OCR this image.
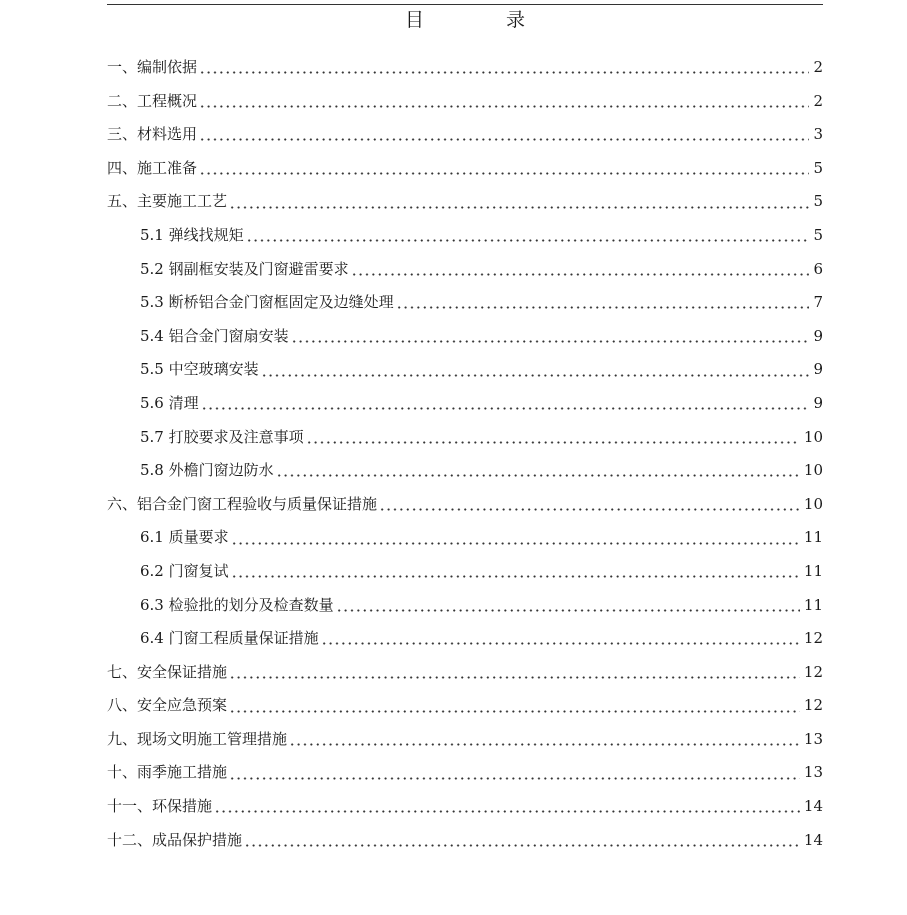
目 录
一、编制依据	2
二、工程概况	2
三、材料选用	3
四、施工准备	5
五、主要施工工艺	5
5.1 弹线找规矩	5
5.2 钢副框安装及门窗避雷要求	6
5.3 断桥铝合金门窗框固定及边缝处理	7
5.4 铝合金门窗扇安装	9
5.5 中空玻璃安装	9
5.6 清理	9
5.7 打胶要求及注意事项	10
5.8 外檐门窗边防水	10
六、铝合金门窗工程验收与质量保证措施	10
6.1 质量要求	11
6.2 门窗复试	11
6.3 检验批的划分及检查数量	11
6.4 门窗工程质量保证措施	12
七、安全保证措施	12
八、安全应急预案	12
九、现场文明施工管理措施	13
十、雨季施工措施	13
十一、环保措施	14
十二、成品保护措施	14
